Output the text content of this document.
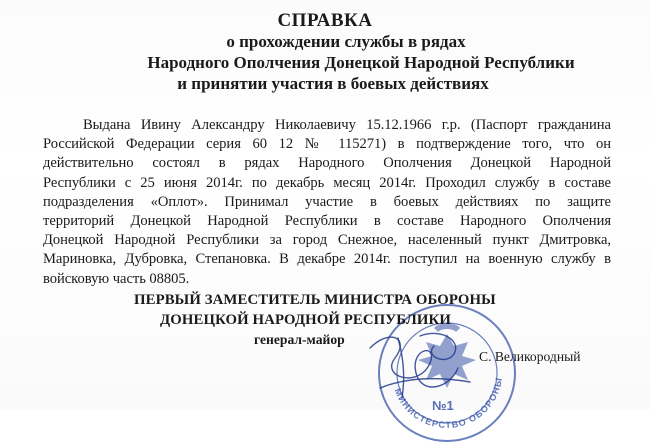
СПРАВКА
о прохождении службы в рядах
Народного Ополчения Донецкой Народной Республики
и принятии участия в боевых действиях
Выдана Ивину Александру Николаевичу 15.12.1966 г.р. (Паспорт гражданина
Российской Федерации серия 60 12 № 115271) в подтверждение того, что он
действительно состоял в рядах Народного Ополчения Донецкой Народной
Республики с 25 июня 2014г. по декабрь месяц 2014г. Проходил службу в составе
подразделения «Оплот». Принимал участие в боевых действиях по защите
территорий Донецкой Народной Республики в составе Народного Ополчения
Донецкой Народной Республики за город Снежное, населенный пункт Дмитровка,
Мариновка, Дубровка, Степановка. В декабре 2014г. поступил на военную службу в
войсковую часть 08805.
МИНИСТЕРСТВО ОБОРОНЫ
№1
ПЕРВЫЙ ЗАМЕСТИТЕЛЬ МИНИСТРА ОБОРОНЫ
ДОНЕЦКОЙ НАРОДНОЙ РЕСПУБЛИКИ
генерал-майор
С. Великородный
